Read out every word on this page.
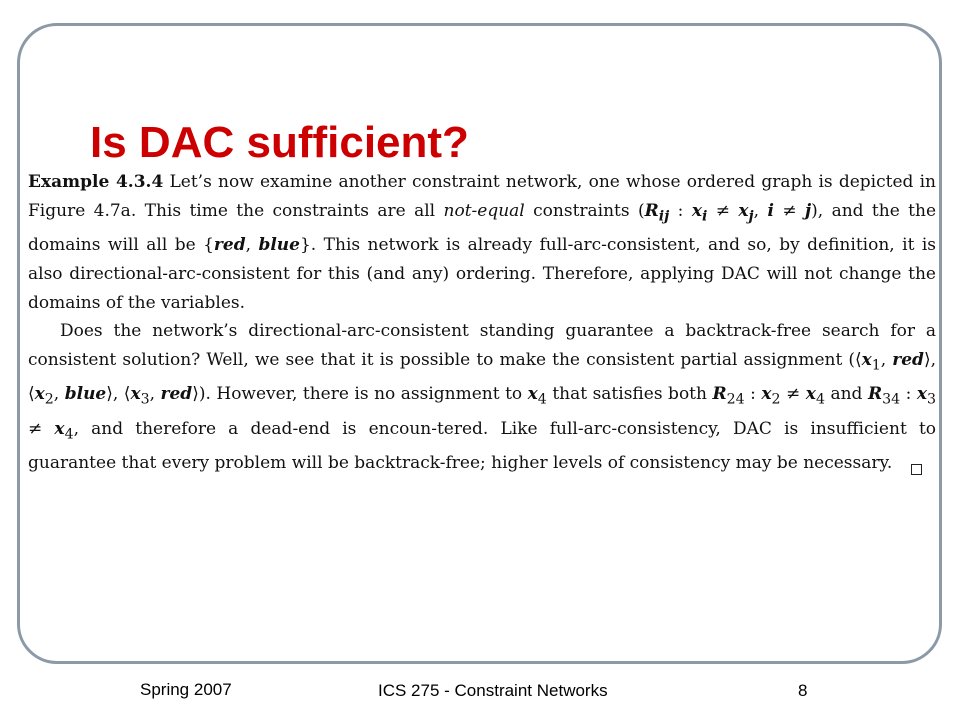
Is DAC sufficient?

Example 4.3.4 Let’s now examine another constraint network, one whose ordered graph is depicted in Figure 4.7a. This time the constraints are all not-equal constraints ($R_{ij}$ : $x_i \ne x_j$, i ≠ j), and the the domains will all be {red, blue}. This network is already full-arc-consistent, and so, by definition, it is also directional-arc-consistent for this (and any) ordering. Therefore, applying DAC will not change the domains of the variables.

Does the network’s directional-arc-consistent standing guarantee a backtrack-free search for a consistent solution? Well, we see that it is possible to make the consistent partial assignment ($⟨x_1$, red⟩, $⟨x_2$, blue⟩, $⟨x_3$, red⟩). However, there is no assignment to $x_4$ that satisfies both $R_{24}$ : $x_2 \ne x_4$ and $R_{34}$ : $x_3 \ne x_4$, and therefore a dead-end is encoun-tered. Like full-arc-consistency, DAC is insufficient to guarantee that every problem will be backtrack-free; higher levels of consistency may be necessary.

Spring 2007	ICS 275 - Constraint Networks	8
